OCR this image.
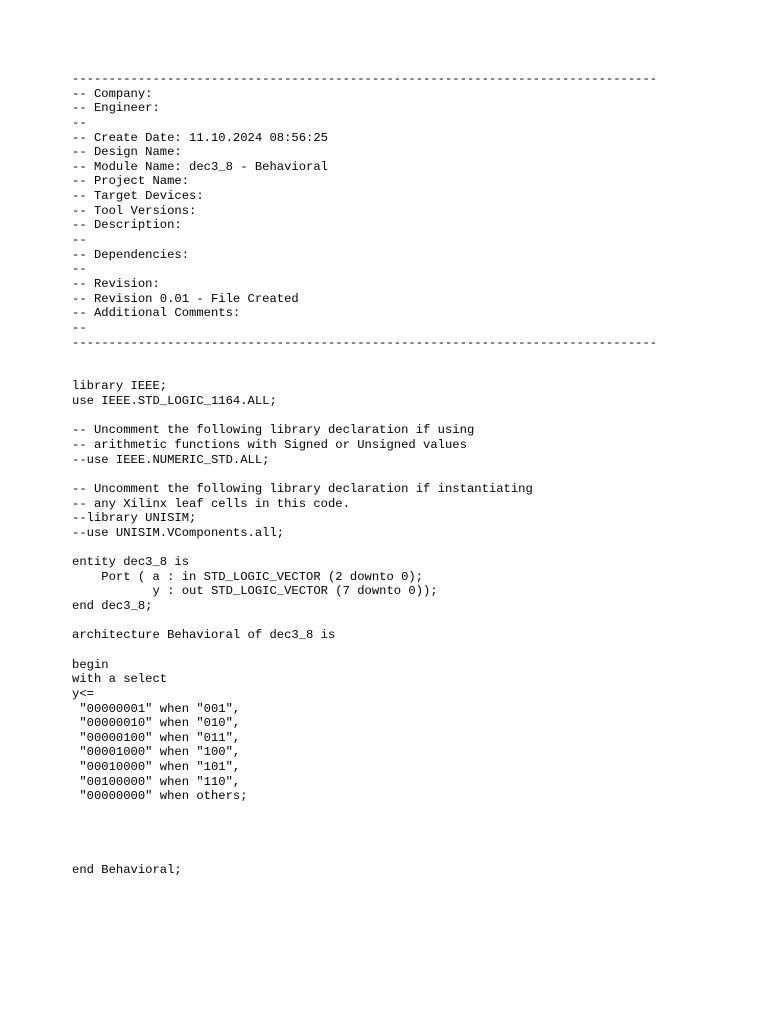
--------------------------------------------------------------------------------
-- Company:
-- Engineer:
--
-- Create Date: 11.10.2024 08:56:25
-- Design Name:
-- Module Name: dec3_8 - Behavioral
-- Project Name:
-- Target Devices:
-- Tool Versions:
-- Description:
--
-- Dependencies:
--
-- Revision:
-- Revision 0.01 - File Created
-- Additional Comments:
--
--------------------------------------------------------------------------------
library IEEE;
use IEEE.STD_LOGIC_1164.ALL;
-- Uncomment the following library declaration if using
-- arithmetic functions with Signed or Unsigned values
--use IEEE.NUMERIC_STD.ALL;
-- Uncomment the following library declaration if instantiating
-- any Xilinx leaf cells in this code.
--library UNISIM;
--use UNISIM.VComponents.all;
entity dec3_8 is
Port ( a : in STD_LOGIC_VECTOR (2 downto 0);
y : out STD_LOGIC_VECTOR (7 downto 0));
end dec3_8;
architecture Behavioral of dec3_8 is
begin
with a select
y<=
"00000001" when "001",
"00000010" when "010",
"00000100" when "011",
"00001000" when "100",
"00010000" when "101",
"00100000" when "110",
"00000000" when others;
end Behavioral;
